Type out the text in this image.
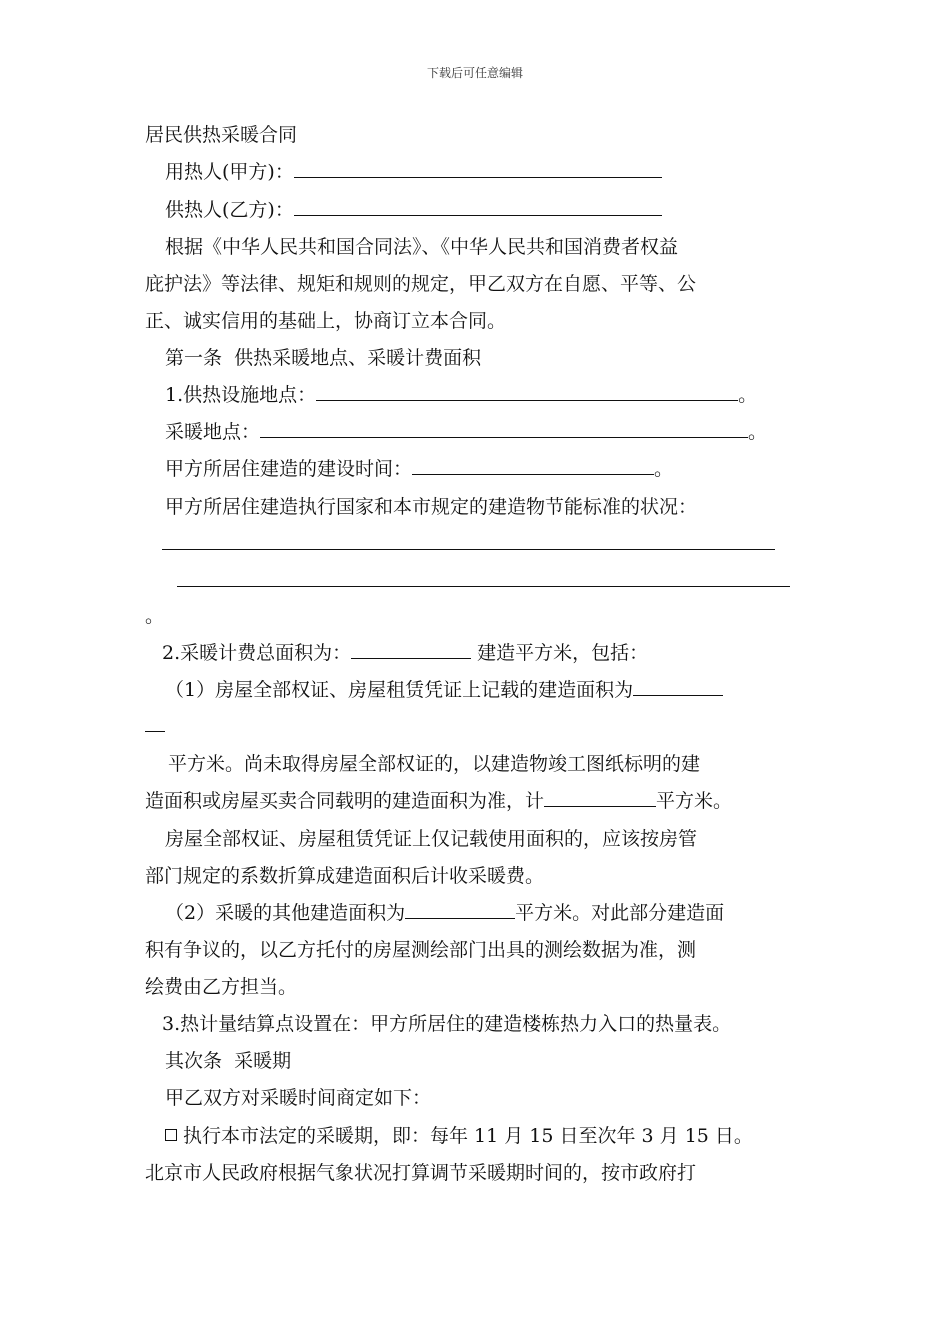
下载后可任意编辑
居民供热采暖合同
用热人(甲方)：
供热人(乙方)：
根据《中华人民共和国合同法》、《中华人民共和国消费者权益
庇护法》等法律、规矩和规则的规定，甲乙双方在自愿、平等、公
正、诚实信用的基础上，协商订立本合同。
第一条  供热采暖地点、采暖计费面积
1.供热设施地点：	。
采暖地点：	。
甲方所居住建造的建设时间：	。
甲方所居住建造执行国家和本市规定的建造物节能标准的状况：
。
2.采暖计费总面积为：	建造平方米，包括：
（1）房屋全部权证、房屋租赁凭证上记载的建造面积为
平方米。尚未取得房屋全部权证的，以建造物竣工图纸标明的建
造面积或房屋买卖合同载明的建造面积为准，计	平方米。
房屋全部权证、房屋租赁凭证上仅记载使用面积的，应该按房管
部门规定的系数折算成建造面积后计收采暖费。
（2）采暖的其他建造面积为	平方米。对此部分建造面
积有争议的，以乙方托付的房屋测绘部门出具的测绘数据为准，测
绘费由乙方担当。
3.热计量结算点设置在：甲方所居住的建造楼栋热力入口的热量表。
其次条  采暖期
甲乙双方对采暖时间商定如下：
执行本市法定的采暖期，即：每年 11 月 15 日至次年 3 月 15 日。
北京市人民政府根据气象状况打算调节采暖期时间的，按市政府打
